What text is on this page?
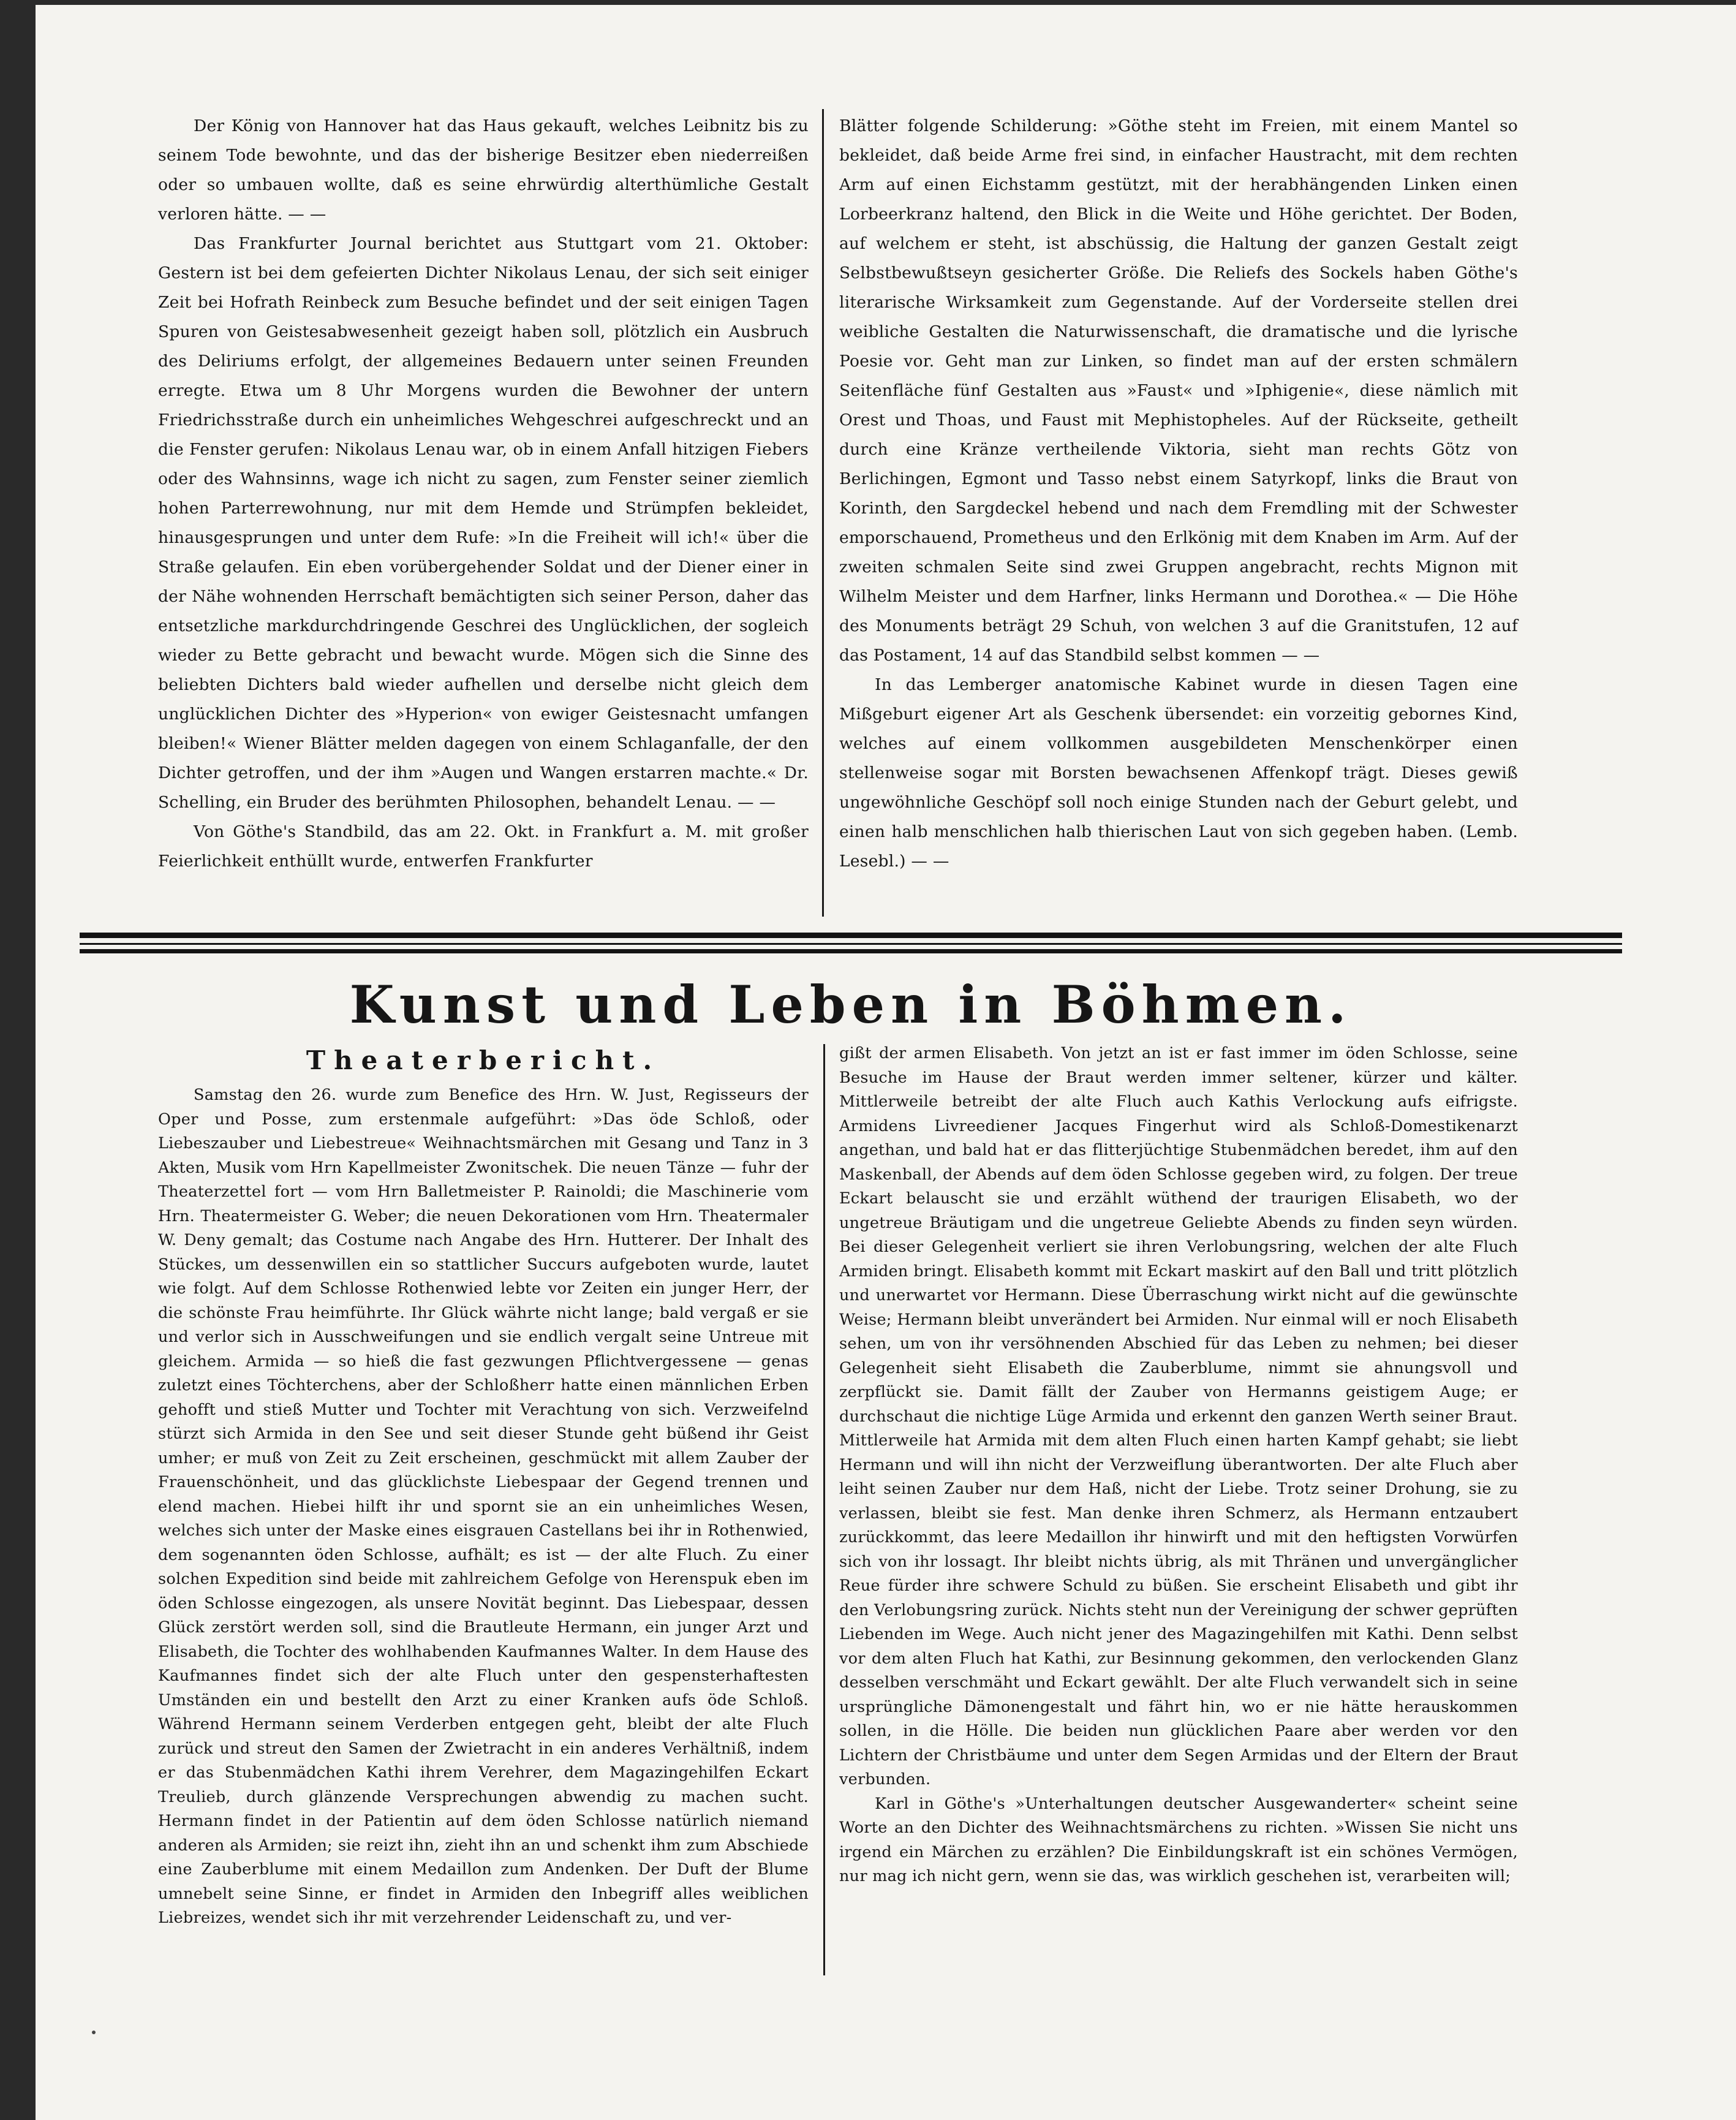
Der König von Hannover hat das Haus gekauft, welches Leibnitz bis zu seinem Tode bewohnte, und das der bisherige Besitzer eben niederreißen oder so umbauen wollte, daß es seine ehrwürdig alterthümliche Gestalt verloren hätte. — —

Das Frankfurter Journal berichtet aus Stuttgart vom 21. Oktober: Gestern ist bei dem gefeierten Dichter Nikolaus Lenau, der sich seit einiger Zeit bei Hofrath Reinbeck zum Besuche befindet und der seit einigen Tagen Spuren von Geistesabwesenheit gezeigt haben soll, plötzlich ein Ausbruch des Deliriums erfolgt, der allgemeines Bedauern unter seinen Freunden erregte. Etwa um 8 Uhr Morgens wurden die Bewohner der untern Friedrichsstraße durch ein unheimliches Wehgeschrei aufgeschreckt und an die Fenster gerufen: Nikolaus Lenau war, ob in einem Anfall hitzigen Fiebers oder des Wahnsinns, wage ich nicht zu sagen, zum Fenster seiner ziemlich hohen Parterrewohnung, nur mit dem Hemde und Strümpfen bekleidet, hinausgesprungen und unter dem Rufe: »In die Freiheit will ich!« über die Straße gelaufen. Ein eben vorübergehender Soldat und der Diener einer in der Nähe wohnenden Herrschaft bemächtigten sich seiner Person, daher das entsetzliche markdurchdringende Geschrei des Unglücklichen, der sogleich wieder zu Bette gebracht und bewacht wurde. Mögen sich die Sinne des beliebten Dichters bald wieder aufhellen und derselbe nicht gleich dem unglücklichen Dichter des »Hyperion« von ewiger Geistesnacht umfangen bleiben!« Wiener Blätter melden dagegen von einem Schlaganfalle, der den Dichter getroffen, und der ihm »Augen und Wangen erstarren machte.« Dr. Schelling, ein Bruder des berühmten Philosophen, behandelt Lenau. — —

Von Göthe's Standbild, das am 22. Okt. in Frankfurt a. M. mit großer Feierlichkeit enthüllt wurde, entwerfen Frankfurter

Blätter folgende Schilderung: »Göthe steht im Freien, mit einem Mantel so bekleidet, daß beide Arme frei sind, in einfacher Haustracht, mit dem rechten Arm auf einen Eichstamm gestützt, mit der herabhängenden Linken einen Lorbeerkranz haltend, den Blick in die Weite und Höhe gerichtet. Der Boden, auf welchem er steht, ist abschüssig, die Haltung der ganzen Gestalt zeigt Selbstbewußtseyn gesicherter Größe. Die Reliefs des Sockels haben Göthe's literarische Wirksamkeit zum Gegenstande. Auf der Vorderseite stellen drei weibliche Gestalten die Naturwissenschaft, die dramatische und die lyrische Poesie vor. Geht man zur Linken, so findet man auf der ersten schmälern Seitenfläche fünf Gestalten aus »Faust« und »Iphigenie«, diese nämlich mit Orest und Thoas, und Faust mit Mephistopheles. Auf der Rückseite, getheilt durch eine Kränze vertheilende Viktoria, sieht man rechts Götz von Berlichingen, Egmont und Tasso nebst einem Satyrkopf, links die Braut von Korinth, den Sargdeckel hebend und nach dem Fremdling mit der Schwester emporschauend, Prometheus und den Erlkönig mit dem Knaben im Arm. Auf der zweiten schmalen Seite sind zwei Gruppen angebracht, rechts Mignon mit Wilhelm Meister und dem Harfner, links Hermann und Dorothea.« — Die Höhe des Monuments beträgt 29 Schuh, von welchen 3 auf die Granitstufen, 12 auf das Postament, 14 auf das Standbild selbst kommen — —

In das Lemberger anatomische Kabinet wurde in diesen Tagen eine Mißgeburt eigener Art als Geschenk übersendet: ein vorzeitig gebornes Kind, welches auf einem vollkommen ausgebildeten Menschenkörper einen stellenweise sogar mit Borsten bewachsenen Affenkopf trägt. Dieses gewiß ungewöhnliche Geschöpf soll noch einige Stunden nach der Geburt gelebt, und einen halb menschlichen halb thierischen Laut von sich gegeben haben. (Lemb. Lesebl.) — —

Kunst und Leben in Böhmen.
Theaterbericht.

Samstag den 26. wurde zum Benefice des Hrn. W. Just, Regisseurs der Oper und Posse, zum erstenmale aufgeführt: »Das öde Schloß, oder Liebeszauber und Liebestreue« Weihnachtsmärchen mit Gesang und Tanz in 3 Akten, Musik vom Hrn Kapellmeister Zwonitschek. Die neuen Tänze — fuhr der Theaterzettel fort — vom Hrn Balletmeister P. Rainoldi; die Maschinerie vom Hrn. Theatermeister G. Weber; die neuen Dekorationen vom Hrn. Theatermaler W. Deny gemalt; das Costume nach Angabe des Hrn. Hutterer. Der Inhalt des Stückes, um dessenwillen ein so stattlicher Succurs aufgeboten wurde, lautet wie folgt. Auf dem Schlosse Rothenwied lebte vor Zeiten ein junger Herr, der die schönste Frau heimführte. Ihr Glück währte nicht lange; bald vergaß er sie und verlor sich in Ausschweifungen und sie endlich vergalt seine Untreue mit gleichem. Armida — so hieß die fast gezwungen Pflichtvergessene — genas zuletzt eines Töchterchens, aber der Schloßherr hatte einen männlichen Erben gehofft und stieß Mutter und Tochter mit Verachtung von sich. Verzweifelnd stürzt sich Armida in den See und seit dieser Stunde geht büßend ihr Geist umher; er muß von Zeit zu Zeit erscheinen, geschmückt mit allem Zauber der Frauenschönheit, und das glücklichste Liebespaar der Gegend trennen und elend machen. Hiebei hilft ihr und spornt sie an ein unheimliches Wesen, welches sich unter der Maske eines eisgrauen Castellans bei ihr in Rothenwied, dem sogenannten öden Schlosse, aufhält; es ist — der alte Fluch. Zu einer solchen Expedition sind beide mit zahlreichem Gefolge von Herenspuk eben im öden Schlosse eingezogen, als unsere Novität beginnt. Das Liebespaar, dessen Glück zerstört werden soll, sind die Brautleute Hermann, ein junger Arzt und Elisabeth, die Tochter des wohlhabenden Kaufmannes Walter. In dem Hause des Kaufmannes findet sich der alte Fluch unter den gespensterhaftesten Umständen ein und bestellt den Arzt zu einer Kranken aufs öde Schloß. Während Hermann seinem Verderben entgegen geht, bleibt der alte Fluch zurück und streut den Samen der Zwietracht in ein anderes Verhältniß, indem er das Stubenmädchen Kathi ihrem Verehrer, dem Magazingehilfen Eckart Treulieb, durch glänzende Versprechungen abwendig zu machen sucht. Hermann findet in der Patientin auf dem öden Schlosse natürlich niemand anderen als Armiden; sie reizt ihn, zieht ihn an und schenkt ihm zum Abschiede eine Zauberblume mit einem Medaillon zum Andenken. Der Duft der Blume umnebelt seine Sinne, er findet in Armiden den Inbegriff alles weiblichen Liebreizes, wendet sich ihr mit verzehrender Leidenschaft zu, und ver-

gißt der armen Elisabeth. Von jetzt an ist er fast immer im öden Schlosse, seine Besuche im Hause der Braut werden immer seltener, kürzer und kälter. Mittlerweile betreibt der alte Fluch auch Kathis Verlockung aufs eifrigste. Armidens Livreediener Jacques Fingerhut wird als Schloß-Domestikenarzt angethan, und bald hat er das flitterjüchtige Stubenmädchen beredet, ihm auf den Maskenball, der Abends auf dem öden Schlosse gegeben wird, zu folgen. Der treue Eckart belauscht sie und erzählt wüthend der traurigen Elisabeth, wo der ungetreue Bräutigam und die ungetreue Geliebte Abends zu finden seyn würden. Bei dieser Gelegenheit verliert sie ihren Verlobungsring, welchen der alte Fluch Armiden bringt. Elisabeth kommt mit Eckart maskirt auf den Ball und tritt plötzlich und unerwartet vor Hermann. Diese Überraschung wirkt nicht auf die gewünschte Weise; Hermann bleibt unverändert bei Armiden. Nur einmal will er noch Elisabeth sehen, um von ihr versöhnenden Abschied für das Leben zu nehmen; bei dieser Gelegenheit sieht Elisabeth die Zauberblume, nimmt sie ahnungsvoll und zerpflückt sie. Damit fällt der Zauber von Hermanns geistigem Auge; er durchschaut die nichtige Lüge Armida und erkennt den ganzen Werth seiner Braut. Mittlerweile hat Armida mit dem alten Fluch einen harten Kampf gehabt; sie liebt Hermann und will ihn nicht der Verzweiflung überantworten. Der alte Fluch aber leiht seinen Zauber nur dem Haß, nicht der Liebe. Trotz seiner Drohung, sie zu verlassen, bleibt sie fest. Man denke ihren Schmerz, als Hermann entzaubert zurückkommt, das leere Medaillon ihr hinwirft und mit den heftigsten Vorwürfen sich von ihr lossagt. Ihr bleibt nichts übrig, als mit Thränen und unvergänglicher Reue fürder ihre schwere Schuld zu büßen. Sie erscheint Elisabeth und gibt ihr den Verlobungsring zurück. Nichts steht nun der Vereinigung der schwer geprüften Liebenden im Wege. Auch nicht jener des Magazingehilfen mit Kathi. Denn selbst vor dem alten Fluch hat Kathi, zur Besinnung gekommen, den verlockenden Glanz desselben verschmäht und Eckart gewählt. Der alte Fluch verwandelt sich in seine ursprüngliche Dämonengestalt und fährt hin, wo er nie hätte herauskommen sollen, in die Hölle. Die beiden nun glücklichen Paare aber werden vor den Lichtern der Christbäume und unter dem Segen Armidas und der Eltern der Braut verbunden.

Karl in Göthe's »Unterhaltungen deutscher Ausgewanderter« scheint seine Worte an den Dichter des Weihnachtsmärchens zu richten. »Wissen Sie nicht uns irgend ein Märchen zu erzählen? Die Einbildungskraft ist ein schönes Vermögen, nur mag ich nicht gern, wenn sie das, was wirklich geschehen ist, verarbeiten will;
